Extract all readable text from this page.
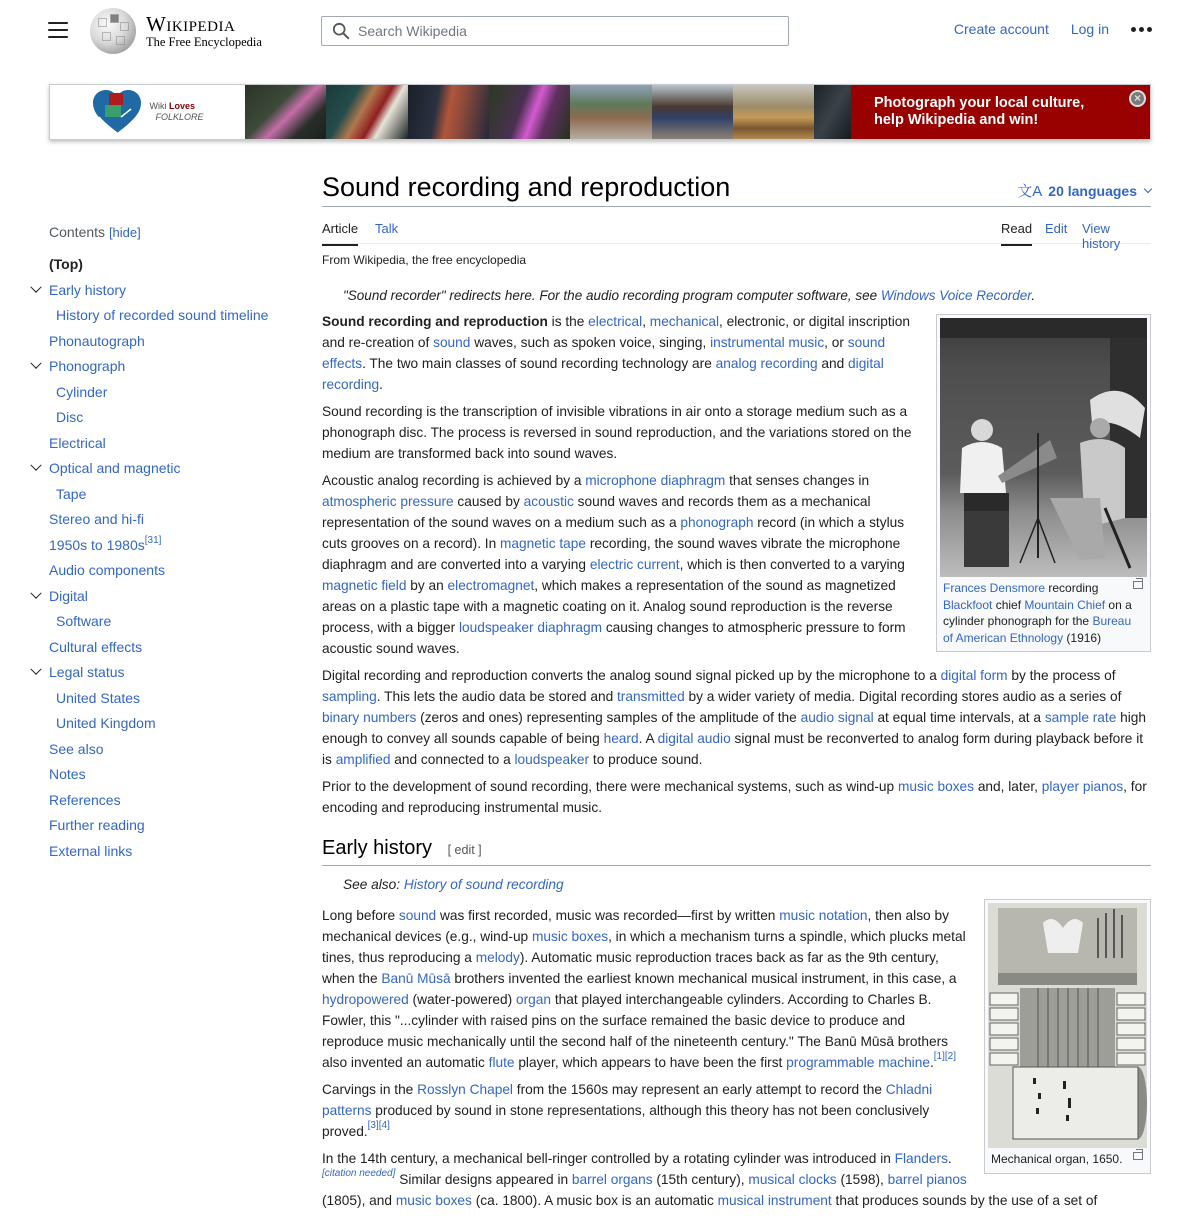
Wikipedia
The Free Encyclopedia
Search Wikipedia
Create account Log in
Wiki Loves
FOLKLORE
Photograph your local culture,
help Wikipedia and win!
×
Contents [hide]
(Top)
Early history
History of recorded sound timeline
Phonautograph
Phonograph
Cylinder
Disc
Electrical
Optical and magnetic
Tape
Stereo and hi-fi
1950s to 1980s[31]
Audio components
Digital
Software
Cultural effects
Legal status
United States
United Kingdom
See also
Notes
References
Further reading
External links
Sound recording and reproduction	文A 20 languages
Article Talk	Read Edit View history
From Wikipedia, the free encyclopedia
"Sound recorder" redirects here. For the audio recording program computer software, see Windows Voice Recorder.
Frances Densmore recording Blackfoot chief Mountain Chief on a cylinder phonograph for the Bureau of American Ethnology (1916)

Sound recording and reproduction is the electrical, mechanical, electronic, or digital inscription and re-creation of sound waves, such as spoken voice, singing, instrumental music, or sound effects. The two main classes of sound recording technology are analog recording and digital recording.

Sound recording is the transcription of invisible vibrations in air onto a storage medium such as a phonograph disc. The process is reversed in sound reproduction, and the variations stored on the medium are transformed back into sound waves.

Acoustic analog recording is achieved by a microphone diaphragm that senses changes in atmospheric pressure caused by acoustic sound waves and records them as a mechanical representation of the sound waves on a medium such as a phonograph record (in which a stylus cuts grooves on a record). In magnetic tape recording, the sound waves vibrate the microphone diaphragm and are converted into a varying electric current, which is then converted to a varying magnetic field by an electromagnet, which makes a representation of the sound as magnetized areas on a plastic tape with a magnetic coating on it. Analog sound reproduction is the reverse process, with a bigger loudspeaker diaphragm causing changes to atmospheric pressure to form acoustic sound waves.

Digital recording and reproduction converts the analog sound signal picked up by the microphone to a digital form by the process of sampling. This lets the audio data be stored and transmitted by a wider variety of media. Digital recording stores audio as a series of binary numbers (zeros and ones) representing samples of the amplitude of the audio signal at equal time intervals, at a sample rate high enough to convey all sounds capable of being heard. A digital audio signal must be reconverted to analog form during playback before it is amplified and connected to a loudspeaker to produce sound.

Prior to the development of sound recording, there were mechanical systems, such as wind-up music boxes and, later, player pianos, for encoding and reproducing instrumental music.

Early history [ edit ]
See also: History of sound recording
Mechanical organ, 1650.

Long before sound was first recorded, music was recorded—first by written music notation, then also by mechanical devices (e.g., wind-up music boxes, in which a mechanism turns a spindle, which plucks metal tines, thus reproducing a melody). Automatic music reproduction traces back as far as the 9th century, when the Banū Mūsā brothers invented the earliest known mechanical musical instrument, in this case, a hydropowered (water-powered) organ that played interchangeable cylinders. According to Charles B. Fowler, this "...cylinder with raised pins on the surface remained the basic device to produce and reproduce music mechanically until the second half of the nineteenth century." The Banū Mūsā brothers also invented an automatic flute player, which appears to have been the first programmable machine.[1][2]

Carvings in the Rosslyn Chapel from the 1560s may represent an early attempt to record the Chladni patterns produced by sound in stone representations, although this theory has not been conclusively proved.[3][4]

In the 14th century, a mechanical bell-ringer controlled by a rotating cylinder was introduced in Flanders.[citation needed] Similar designs appeared in barrel organs (15th century), musical clocks (1598), barrel pianos (1805), and music boxes (ca. 1800). A music box is an automatic musical instrument that produces sounds by the use of a set of
